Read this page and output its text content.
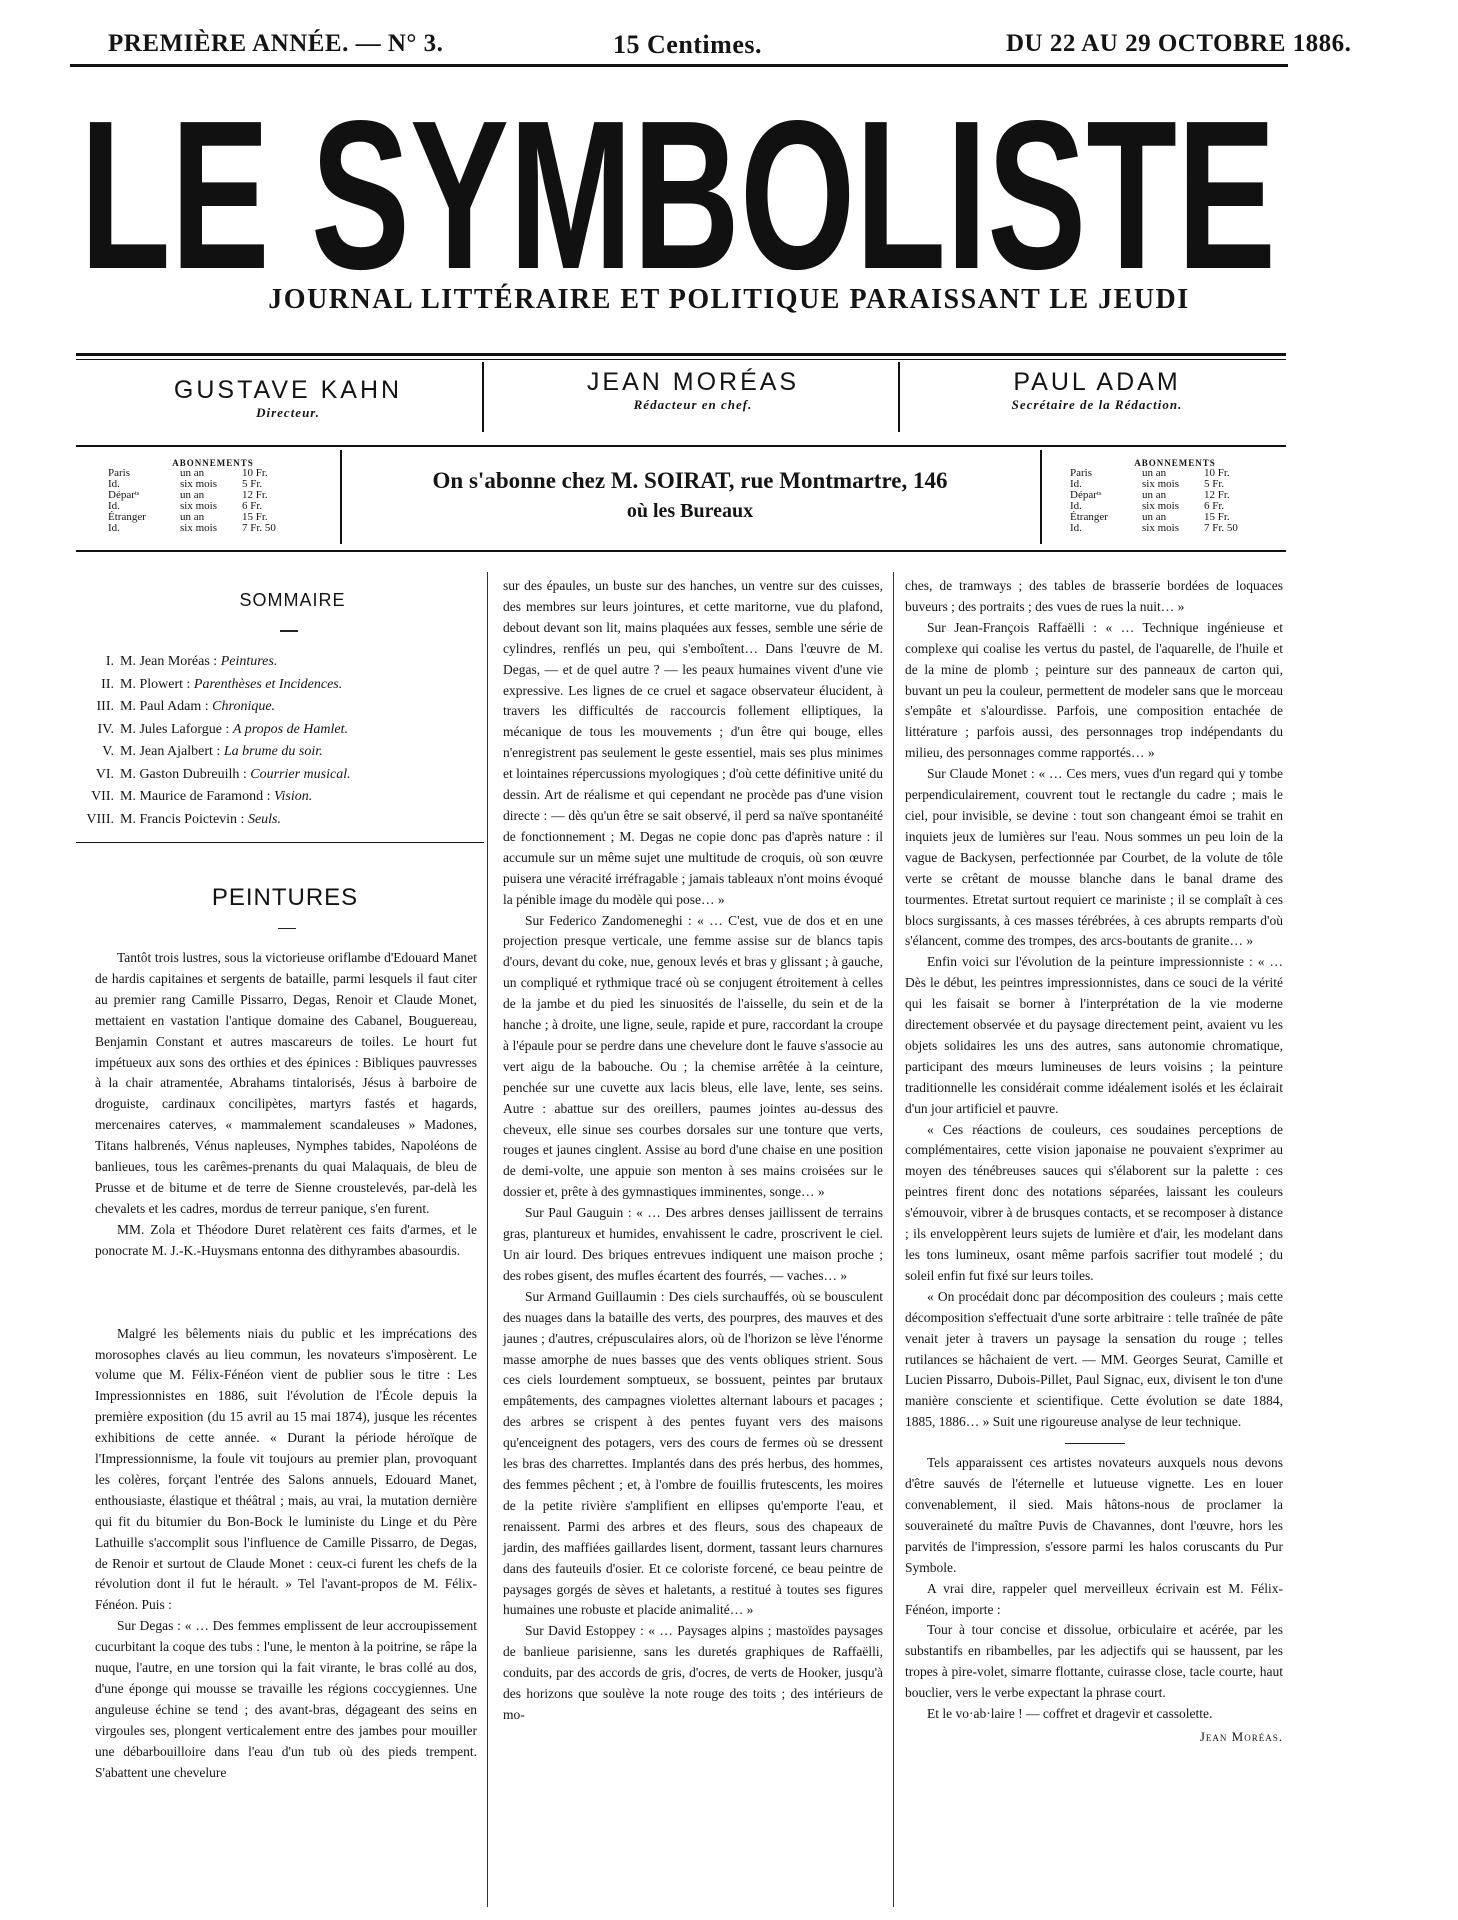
PREMIÈRE ANNÉE. — N° 3.	15 Centimes.	DU 22 AU 29 OCTOBRE 1886.
LE SYMBOLISTE
JOURNAL LITTÉRAIRE ET POLITIQUE PARAISSANT LE JEUDI
GUSTAVE KAHN
Directeur.
JEAN MORÉAS
Rédacteur en chef.
PAUL ADAM
Secrétaire de la Rédaction.
ABONNEMENTS
Paris	un an	10 Fr.
Id.	six mois 5 Fr.
Déparᵗˢ	un an	12 Fr.
Id.	six mois 6 Fr.
Étranger	un an	15 Fr.
Id.	six mois 7 Fr. 50
On s'abonne chez M. SOIRAT, rue Montmartre, 146
où les Bureaux
ABONNEMENTS
Paris	un an	10 Fr.
Id.	six mois 5 Fr.
Déparᵗˢ	un an	12 Fr.
Id.	six mois 6 Fr.
Étranger	un an	15 Fr.
Id.	six mois 7 Fr. 50
SOMMAIRE
I. M. Jean Moréas : Peintures.
II. M. Plowert : Parenthèses et Incidences.
III. M. Paul Adam : Chronique.
IV. M. Jules Laforgue : A propos de Hamlet.
V. M. Jean Ajalbert : La brume du soir.
VI. M. Gaston Dubreuilh : Courrier musical.
VII. M. Maurice de Faramond : Vision.
VIII. M. Francis Poictevin : Seuls.
PEINTURES

Tantôt trois lustres, sous la victorieuse oriflambe d'Edouard Manet de hardis capitaines et sergents de bataille, parmi lesquels il faut citer au premier rang Camille Pissarro, Degas, Renoir et Claude Monet, mettaient en vastation l'antique domaine des Cabanel, Bouguereau, Benjamin Constant et autres mascareurs de toiles. Le hourt fut impétueux aux sons des orthies et des épinices : Bibliques pauvresses à la chair atramentée, Abrahams tintalorisés, Jésus à barboire de droguiste, cardinaux concilipètes, martyrs fastés et hagards, mercenaires caterves, « mammalement scandaleuses » Madones, Titans halbrenés, Vénus napleuses, Nymphes tabides, Napoléons de banlieues, tous les carêmes-prenants du quai Malaquais, de bleu de Prusse et de bitume et de terre de Sienne croustelevés, par-delà les chevalets et les cadres, mordus de terreur panique, s'en furent.

MM. Zola et Théodore Duret relatèrent ces faits d'armes, et le ponocrate M. J.-K.-Huysmans entonna des dithyrambes abasourdis.

Malgré les bêlements niais du public et les imprécations des morosophes clavés au lieu commun, les novateurs s'imposèrent. Le volume que M. Félix-Fénéon vient de publier sous le titre : Les Impressionnistes en 1886, suit l'évolution de l'École depuis la première exposition (du 15 avril au 15 mai 1874), jusque les récentes exhibitions de cette année. « Durant la période héroïque de l'Impressionnisme, la foule vit toujours au premier plan, provoquant les colères, forçant l'entrée des Salons annuels, Edouard Manet, enthousiaste, élastique et théâtral ; mais, au vrai, la mutation dernière qui fit du bitumier du Bon-Bock le luministe du Linge et du Père Lathuille s'accomplit sous l'influence de Camille Pissarro, de Degas, de Renoir et surtout de Claude Monet : ceux-ci furent les chefs de la révolution dont il fut le hérault. » Tel l'avant-propos de M. Félix-Fénéon. Puis :

Sur Degas : « … Des femmes emplissent de leur accroupissement cucurbitant la coque des tubs : l'une, le menton à la poitrine, se râpe la nuque, l'autre, en une torsion qui la fait virante, le bras collé au dos, d'une éponge qui mousse se travaille les régions coccygiennes. Une anguleuse échine se tend ; des avant-bras, dégageant des seins en virgoules ses, plongent verticalement entre des jambes pour mouiller une débarbouilloire dans l'eau d'un tub où des pieds trempent. S'abattent une chevelure

sur des épaules, un buste sur des hanches, un ventre sur des cuisses, des membres sur leurs jointures, et cette maritorne, vue du plafond, debout devant son lit, mains plaquées aux fesses, semble une série de cylindres, renflés un peu, qui s'emboîtent… Dans l'œuvre de M. Degas, — et de quel autre ? — les peaux humaines vivent d'une vie expressive. Les lignes de ce cruel et sagace observateur élucident, à travers les difficultés de raccourcis follement elliptiques, la mécanique de tous les mouvements ; d'un être qui bouge, elles n'enregistrent pas seulement le geste essentiel, mais ses plus minimes et lointaines répercussions myologiques ; d'où cette définitive unité du dessin. Art de réalisme et qui cependant ne procède pas d'une vision directe : — dès qu'un être se sait observé, il perd sa naïve spontanéité de fonctionnement ; M. Degas ne copie donc pas d'après nature : il accumule sur un même sujet une multitude de croquis, où son œuvre puisera une véracité irréfragable ; jamais tableaux n'ont moins évoqué la pénible image du modèle qui pose… »

Sur Federico Zandomeneghi : « … C'est, vue de dos et en une projection presque verticale, une femme assise sur de blancs tapis d'ours, devant du coke, nue, genoux levés et bras y glissant ; à gauche, un compliqué et rythmique tracé où se conjugent étroitement à celles de la jambe et du pied les sinuosités de l'aisselle, du sein et de la hanche ; à droite, une ligne, seule, rapide et pure, raccordant la croupe à l'épaule pour se perdre dans une chevelure dont le fauve s'associe au vert aigu de la babouche. Ou ; la chemise arrêtée à la ceinture, penchée sur une cuvette aux lacis bleus, elle lave, lente, ses seins. Autre : abattue sur des oreillers, paumes jointes au-dessus des cheveux, elle sinue ses courbes dorsales sur une tonture que verts, rouges et jaunes cinglent. Assise au bord d'une chaise en une position de demi-volte, une appuie son menton à ses mains croisées sur le dossier et, prête à des gymnastiques imminentes, songe… »

Sur Paul Gauguin : « … Des arbres denses jaillissent de terrains gras, plantureux et humides, envahissent le cadre, proscrivent le ciel. Un air lourd. Des briques entrevues indiquent une maison proche ; des robes gisent, des mufles écartent des fourrés, — vaches… »

Sur Armand Guillaumin : Des ciels surchauffés, où se bousculent des nuages dans la bataille des verts, des pourpres, des mauves et des jaunes ; d'autres, crépusculaires alors, où de l'horizon se lève l'énorme masse amorphe de nues basses que des vents obliques strient. Sous ces ciels lourdement somptueux, se bossuent, peintes par brutaux empâtements, des campagnes violettes alternant labours et pacages ; des arbres se crispent à des pentes fuyant vers des maisons qu'enceignent des potagers, vers des cours de fermes où se dressent les bras des charrettes. Implantés dans des prés herbus, des hommes, des femmes pêchent ; et, à l'ombre de fouillis frutescents, les moires de la petite rivière s'amplifient en ellipses qu'emporte l'eau, et renaissent. Parmi des arbres et des fleurs, sous des chapeaux de jardin, des maffiées gaillardes lisent, dorment, tassant leurs charnures dans des fauteuils d'osier. Et ce coloriste forcené, ce beau peintre de paysages gorgés de sèves et haletants, a restitué à toutes ses figures humaines une robuste et placide animalité… »

Sur David Estoppey : « … Paysages alpins ; mastoïdes paysages de banlieue parisienne, sans les duretés graphiques de Raffaëlli, conduits, par des accords de gris, d'ocres, de verts de Hooker, jusqu'à des horizons que soulève la note rouge des toits ; des intérieurs de mo-

ches, de tramways ; des tables de brasserie bordées de loquaces buveurs ; des portraits ; des vues de rues la nuit… »

Sur Jean-François Raffaëlli : « … Technique ingénieuse et complexe qui coalise les vertus du pastel, de l'aquarelle, de l'huile et de la mine de plomb ; peinture sur des panneaux de carton qui, buvant un peu la couleur, permettent de modeler sans que le morceau s'empâte et s'alourdisse. Parfois, une composition entachée de littérature ; parfois aussi, des personnages trop indépendants du milieu, des personnages comme rapportés… »

Sur Claude Monet : « … Ces mers, vues d'un regard qui y tombe perpendiculairement, couvrent tout le rectangle du cadre ; mais le ciel, pour invisible, se devine : tout son changeant émoi se trahit en inquiets jeux de lumières sur l'eau. Nous sommes un peu loin de la vague de Backysen, perfectionnée par Courbet, de la volute de tôle verte se crêtant de mousse blanche dans le banal drame des tourmentes. Etretat surtout requiert ce mariniste ; il se complaît à ces blocs surgissants, à ces masses térébrées, à ces abrupts remparts d'où s'élancent, comme des trompes, des arcs-boutants de granite… »

Enfin voici sur l'évolution de la peinture impressionniste : « … Dès le début, les peintres impressionnistes, dans ce souci de la vérité qui les faisait se borner à l'interprétation de la vie moderne directement observée et du paysage directement peint, avaient vu les objets solidaires les uns des autres, sans autonomie chromatique, participant des mœurs lumineuses de leurs voisins ; la peinture traditionnelle les considérait comme idéalement isolés et les éclairait d'un jour artificiel et pauvre.

« Ces réactions de couleurs, ces soudaines perceptions de complémentaires, cette vision japonaise ne pouvaient s'exprimer au moyen des ténébreuses sauces qui s'élaborent sur la palette : ces peintres firent donc des notations séparées, laissant les couleurs s'émouvoir, vibrer à de brusques contacts, et se recomposer à distance ; ils enveloppèrent leurs sujets de lumière et d'air, les modelant dans les tons lumineux, osant même parfois sacrifier tout modelé ; du soleil enfin fut fixé sur leurs toiles.

« On procédait donc par décomposition des couleurs ; mais cette décomposition s'effectuait d'une sorte arbitraire : telle traînée de pâte venait jeter à travers un paysage la sensation du rouge ; telles rutilances se hâchaient de vert. — MM. Georges Seurat, Camille et Lucien Pissarro, Dubois-Pillet, Paul Signac, eux, divisent le ton d'une manière consciente et scientifique. Cette évolution se date 1884, 1885, 1886… » Suit une rigoureuse analyse de leur technique.

Tels apparaissent ces artistes novateurs auxquels nous devons d'être sauvés de l'éternelle et lutueuse vignette. Les en louer convenablement, il sied. Mais hâtons-nous de proclamer la souveraineté du maître Puvis de Chavannes, dont l'œuvre, hors les parvités de l'impression, s'essore parmi les halos coruscants du Pur Symbole.

A vrai dire, rappeler quel merveilleux écrivain est M. Félix-Fénéon, importe :

Tour à tour concise et dissolue, orbiculaire et acérée, par les substantifs en ribambelles, par les adjectifs qui se haussent, par les tropes à pire-volet, simarre flottante, cuirasse close, tacle courte, haut bouclier, vers le verbe expectant la phrase court.

Et le vo·ab·laire ! — coffret et dragevir et cassolette.

Jean Moréas.
